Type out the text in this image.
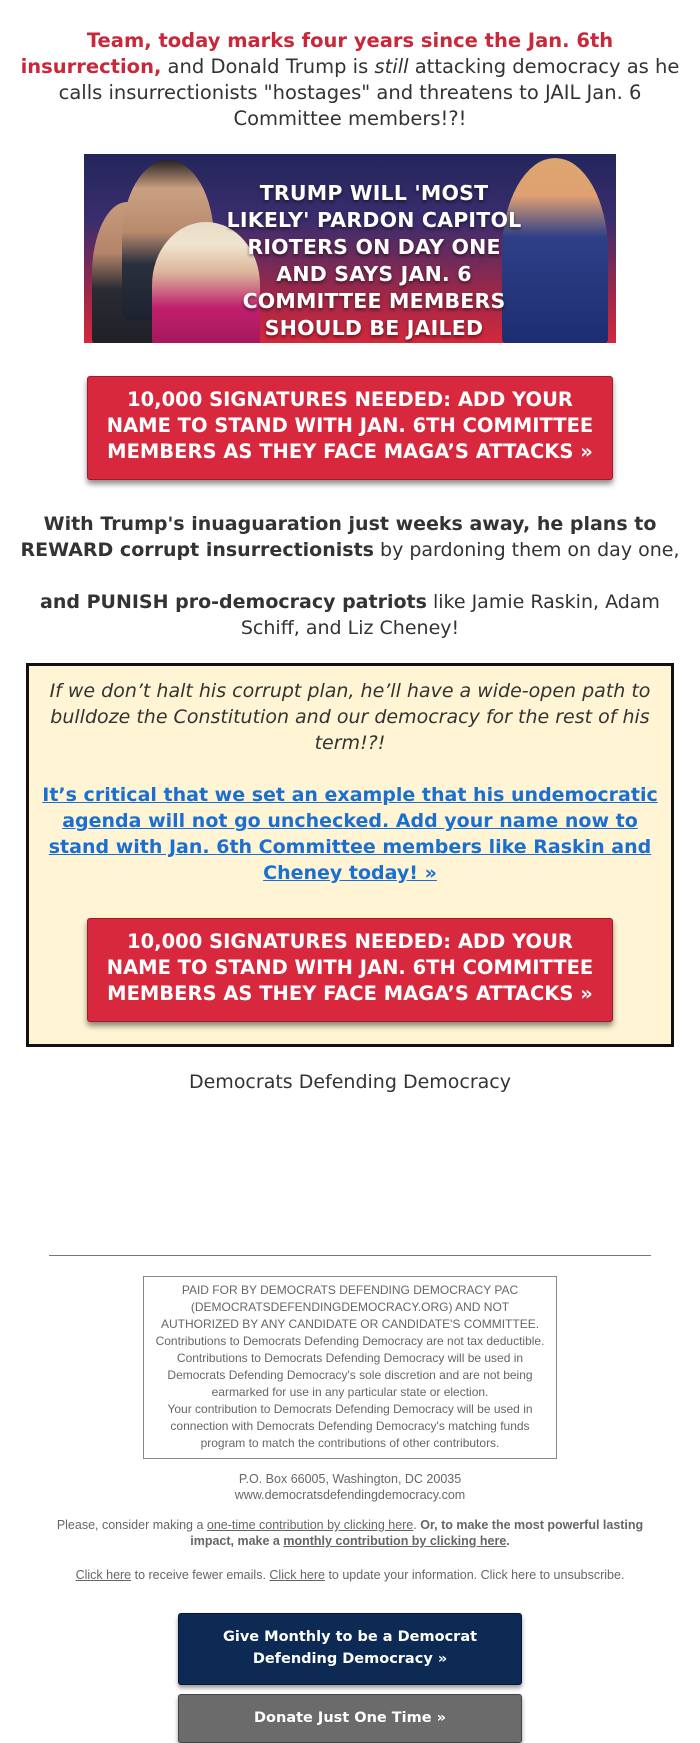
Team, today marks four years since the Jan. 6th insurrection, and Donald Trump is still attacking democracy as he calls insurrectionists "hostages" and threatens to JAIL Jan. 6 Committee members!?!
TRUMP WILL 'MOST LIKELY' PARDON CAPITOL RIOTERS ON DAY ONE AND SAYS JAN. 6 COMMITTEE MEMBERS SHOULD BE JAILED
10,000 SIGNATURES NEEDED: ADD YOUR NAME TO STAND WITH JAN. 6TH COMMITTEE MEMBERS AS THEY FACE MAGA’S ATTACKS »
With Trump's inuaguaration just weeks away, he plans to REWARD corrupt insurrectionists by pardoning them on day one,
and PUNISH pro-democracy patriots like Jamie Raskin, Adam Schiff, and Liz Cheney!
If we don’t halt his corrupt plan, he’ll have a wide-open path to bulldoze the Constitution and our democracy for the rest of his term!?!
It’s critical that we set an example that his undemocratic agenda will not go unchecked. Add your name now to stand with Jan. 6th Committee members like Raskin and Cheney today! »
10,000 SIGNATURES NEEDED: ADD YOUR NAME TO STAND WITH JAN. 6TH COMMITTEE MEMBERS AS THEY FACE MAGA’S ATTACKS »
Democrats Defending Democracy
PAID FOR BY DEMOCRATS DEFENDING DEMOCRACY PAC (DEMOCRATSDEFENDINGDEMOCRACY.ORG) AND NOT AUTHORIZED BY ANY CANDIDATE OR CANDIDATE'S COMMITTEE.
Contributions to Democrats Defending Democracy are not tax deductible.
Contributions to Democrats Defending Democracy will be used in Democrats Defending Democracy's sole discretion and are not being earmarked for use in any particular state or election.
Your contribution to Democrats Defending Democracy will be used in connection with Democrats Defending Democracy's matching funds program to match the contributions of other contributors.
P.O. Box 66005, Washington, DC 20035
www.democratsdefendingdemocracy.com
Please, consider making a one-time contribution by clicking here. Or, to make the most powerful lasting impact, make a monthly contribution by clicking here.
Click here to receive fewer emails. Click here to update your information. Click here to unsubscribe.
Give Monthly to be a Democrat Defending Democracy »
Donate Just One Time »
